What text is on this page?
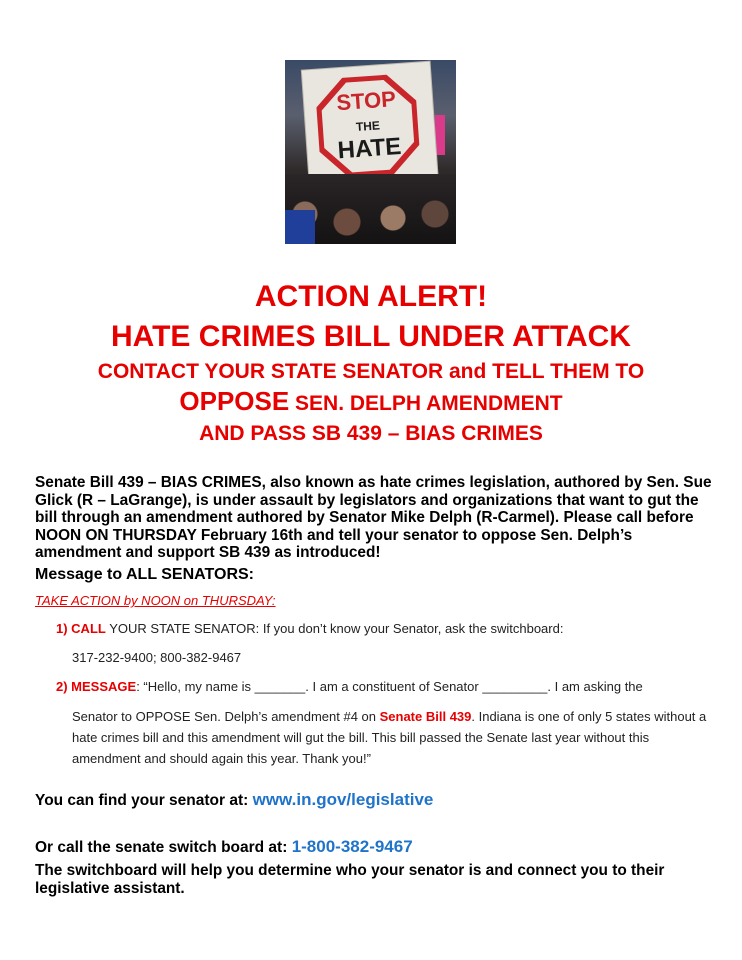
STOP
THE
HATE
ACTION ALERT!
HATE CRIMES BILL UNDER ATTACK
CONTACT YOUR STATE SENATOR and TELL THEM TO
OPPOSE SEN. DELPH AMENDMENT
AND PASS SB 439 – BIAS CRIMES
Senate Bill 439 – BIAS CRIMES, also known as hate crimes legislation, authored by Sen. Sue Glick (R – LaGrange), is under assault by legislators and organizations that want to gut the bill through an amendment authored by Senator Mike Delph (R-Carmel). Please call before NOON ON THURSDAY February 16th and tell your senator to oppose Sen. Delph’s amendment and support SB 439 as introduced!
Message to ALL SENATORS:
TAKE ACTION by NOON on THURSDAY:
1) CALL YOUR STATE SENATOR: If you don’t know your Senator, ask the switchboard:
317-232-9400; 800-382-9467
2) MESSAGE: “Hello, my name is _______. I am a constituent of Senator _________. I am asking the
Senator to OPPOSE Sen. Delph’s amendment #4 on Senate Bill 439. Indiana is one of only 5 states without a hate crimes bill and this amendment will gut the bill. This bill passed the Senate last year without this amendment and should again this year. Thank you!”
You can find your senator at: www.in.gov/legislative
Or call the senate switch board at: 1-800-382-9467
The switchboard will help you determine who your senator is and connect you to their legislative assistant.
